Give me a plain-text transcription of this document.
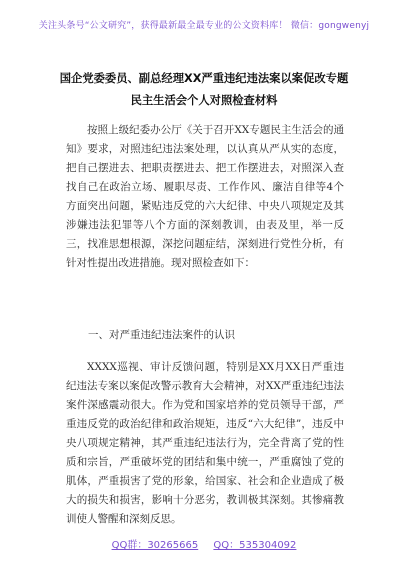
关注头条号“公文研究”，获得最新最全最专业的公文资料库！ 微信：gongwenyj
国企党委委员、副总经理XX严重违纪违法案以案促改专题
民主生活会个人对照检查材料
按照上级纪委办公厅《关于召开XX专题民主生活会的通知》要求，对照违纪违法案处理，以认真从严从实的态度，把自己摆进去、把职责摆进去、把工作摆进去，对照深入查找自己在政治立场、履职尽责、工作作风、廉洁自律等4个方面突出问题，紧贴违反党的六大纪律、中央八项规定及其涉嫌违法犯罪等八个方面的深刻教训，由表及里，举一反三，找准思想根源，深挖问题症结，深刻进行党性分析，有针对性提出改进措施。现对照检查如下：
一、对严重违纪违法案件的认识
XXXX巡视、审计反馈问题，特别是XX月XX日严重违纪违法专案以案促改警示教育大会精神，对XX严重违纪违法案件深感震动很大。作为党和国家培养的党员领导干部，严重违反党的政治纪律和政治规矩，违反“六大纪律”，违反中央八项规定精神，其严重违纪违法行为，完全背离了党的性质和宗旨，严重破坏党的团结和集中统一，严重腐蚀了党的肌体，严重损害了党的形象，给国家、社会和企业造成了极大的损失和损害，影响十分恶劣，教训极其深刻。其惨痛教训使人警醒和深刻反思。
QQ群：30265665 QQ：535304092
